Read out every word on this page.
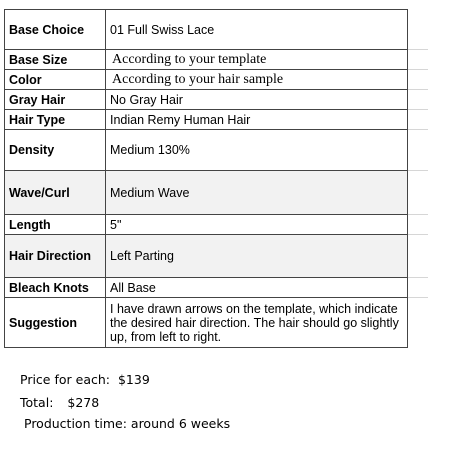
Base Choice	01 Full Swiss Lace
Base Size	According to your template
Color	According to your hair sample
Gray Hair	No Gray Hair
Hair Type	Indian Remy Human Hair
Density	Medium 130%
Wave/Curl	Medium Wave
Length	5"
Hair Direction	Left Parting
Bleach Knots	All Base
Suggestion	I have drawn arrows on the template, which indicate the desired hair direction. The hair should go slightly up, from left to right.
Price for each: $139
Total: $278
Production time: around 6 weeks
